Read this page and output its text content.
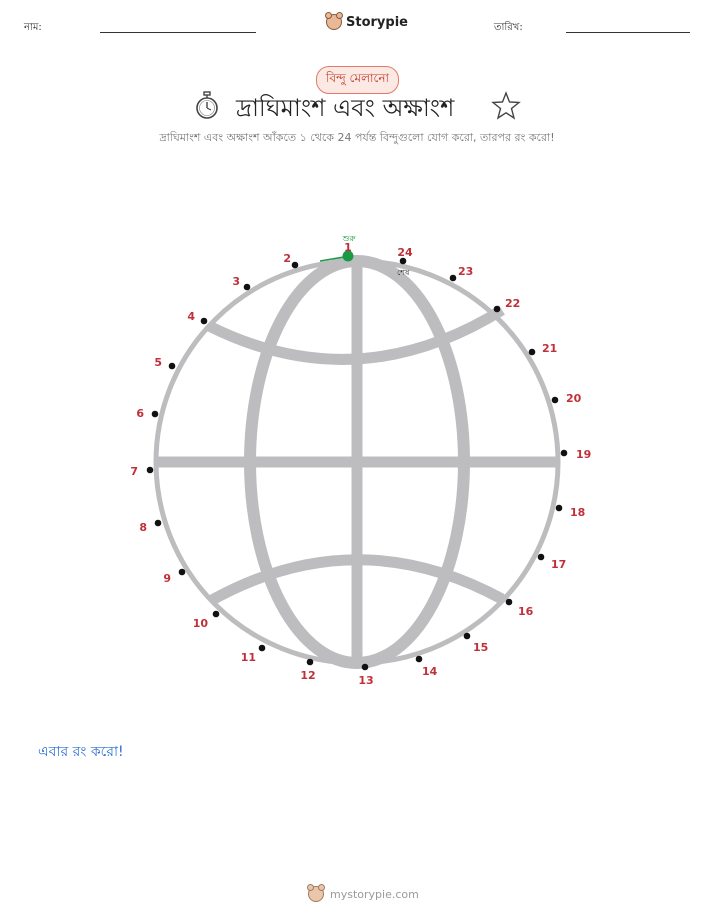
নাম:	Storypie	তারিখ:
বিন্দু মেলানো
দ্রাঘিমাংশ এবং অক্ষাংশ
দ্রাঘিমাংশ এবং অক্ষাংশ আঁকতে ১ থেকে 24 পর্যন্ত বিন্দুগুলো যোগ করো, তারপর রং করো!
1
2
3
4
5
6
7
8
9
10
11
12	13
14
15
16
17
18
19
20
21
22
23
24
শুরু
শেষ
এবার রং করো!
mystorypie.com
